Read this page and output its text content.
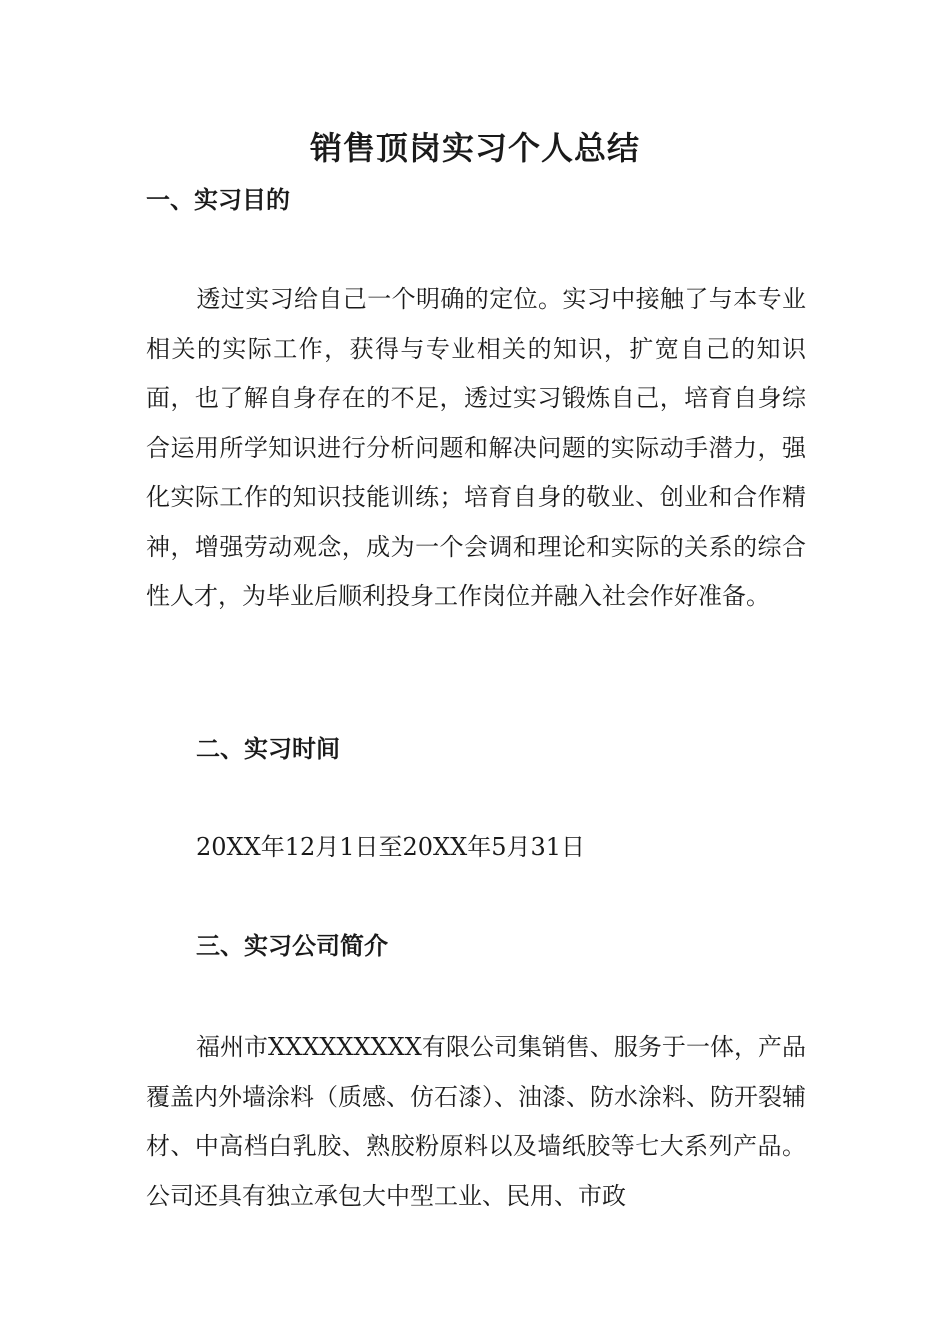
销售顶岗实习个人总结
一、实习目的

透过实习给自己一个明确的定位。实习中接触了与本专业相关的实际工作，获得与专业相关的知识，扩宽自己的知识面，也了解自身存在的不足，透过实习锻炼自己，培育自身综合运用所学知识进行分析问题和解决问题的实际动手潜力，强化实际工作的知识技能训练；培育自身的敬业、创业和合作精神，增强劳动观念，成为一个会调和理论和实际的关系的综合性人才，为毕业后顺利投身工作岗位并融入社会作好准备。

二、实习时间

20XX年12月1日至20XX年5月31日

三、实习公司简介

福州市XXXXXXXXX有限公司集销售、服务于一体，产品覆盖内外墙涂料（质感、仿石漆）、油漆、防水涂料、防开裂辅材、中高档白乳胶、熟胶粉原料以及墙纸胶等七大系列产品。公司还具有独立承包大中型工业、民用、市政
